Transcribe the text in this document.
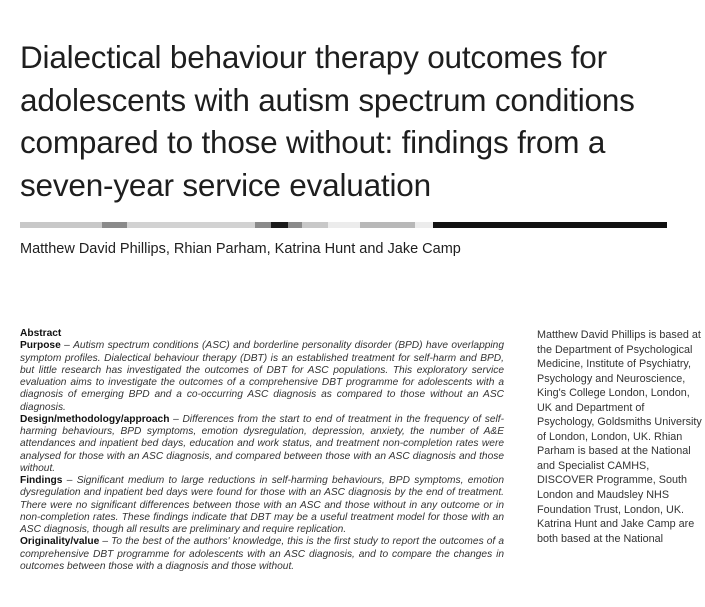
Dialectical behaviour therapy outcomes for adolescents with autism spectrum conditions compared to those without: findings from a seven-year service evaluation
Matthew David Phillips, Rhian Parham, Katrina Hunt and Jake Camp
Abstract

Purpose – Autism spectrum conditions (ASC) and borderline personality disorder (BPD) have overlapping symptom profiles. Dialectical behaviour therapy (DBT) is an established treatment for self-harm and BPD, but little research has investigated the outcomes of DBT for ASC populations. This exploratory service evaluation aims to investigate the outcomes of a comprehensive DBT programme for adolescents with a diagnosis of emerging BPD and a co-occurring ASC diagnosis as compared to those without an ASC diagnosis.

Design/methodology/approach – Differences from the start to end of treatment in the frequency of self-harming behaviours, BPD symptoms, emotion dysregulation, depression, anxiety, the number of A&E attendances and inpatient bed days, education and work status, and treatment non-completion rates were analysed for those with an ASC diagnosis, and compared between those with an ASC diagnosis and those without.

Findings – Significant medium to large reductions in self-harming behaviours, BPD symptoms, emotion dysregulation and inpatient bed days were found for those with an ASC diagnosis by the end of treatment. There were no significant differences between those with an ASC and those without in any outcome or in non-completion rates. These findings indicate that DBT may be a useful treatment model for those with an ASC diagnosis, though all results are preliminary and require replication.

Originality/value – To the best of the authors' knowledge, this is the first study to report the outcomes of a comprehensive DBT programme for adolescents with an ASC diagnosis, and to compare the changes in outcomes between those with a diagnosis and those without.

Matthew David Phillips is based at the Department of Psychological Medicine, Institute of Psychiatry, Psychology and Neuroscience, King's College London, London, UK and Department of Psychology, Goldsmiths University of London, London, UK. Rhian Parham is based at the National and Specialist CAMHS, DISCOVER Programme, South London and Maudsley NHS Foundation Trust, London, UK. Katrina Hunt and Jake Camp are both based at the National
